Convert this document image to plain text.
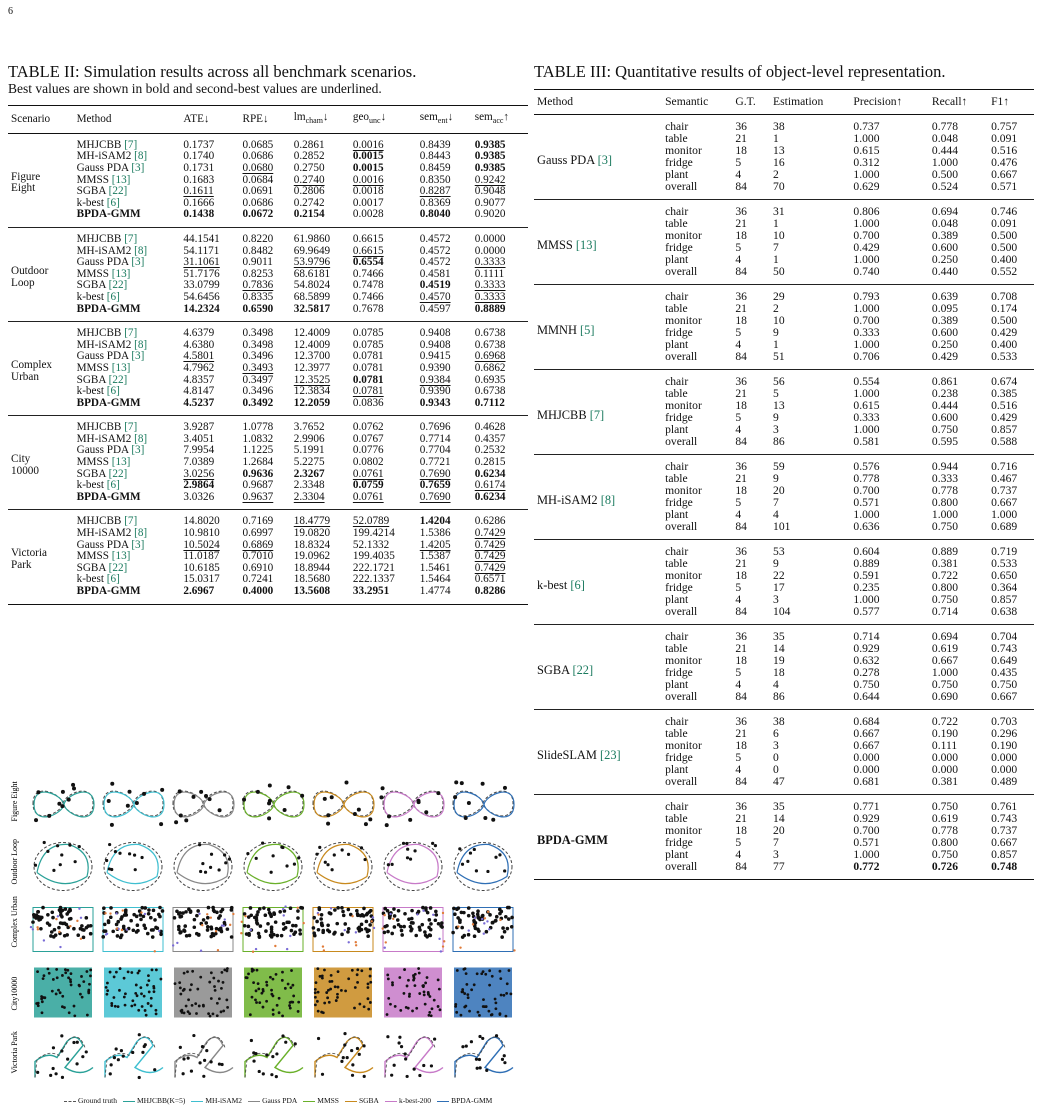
6
TABLE II: Simulation results across all benchmark scenarios.
Best values are shown in bold and second-best values are underlined.
Scenario	Method	ATE↓	RPE↓	$lm_{cham}↓$	geo$_{unc}$↓	sem$_{ent}$↓	sem$_{acc}$↑

Figure
Eight	MHJCBB [7]	0.1737	0.0685	0.2861	0.0016	0.8439	0.9385
	MH-iSAM2 [8]	0.1740	0.0686	0.2852	0.0015	0.8443	0.9385
	Gauss PDA [3]	0.1731	0.0680	0.2750	0.0015	0.8459	0.9385
	MMSS [13]	0.1683	0.0684	0.2740	0.0016	0.8350	0.9242
	SGBA [22]	0.1611	0.0691	0.2806	0.0018	0.8287	0.9048
	k-best [6]	0.1666	0.0686	0.2742	0.0017	0.8369	0.9077
	BPDA-GMM	0.1438	0.0672	0.2154	0.0028	0.8040	0.9020

Outdoor
Loop	MHJCBB [7]	44.1541	0.8220	61.9860	0.6615	0.4572	0.0000
	MH-iSAM2 [8]	54.1171	0.8482	69.9649	0.6615	0.4572	0.0000
	Gauss PDA [3]	31.1061	0.9011	53.9796	0.6554	0.4572	0.3333
	MMSS [13]	51.7176	0.8253	68.6181	0.7466	0.4581	0.1111
	SGBA [22]	33.0799	0.7836	54.8024	0.7478	0.4519	0.3333
	k-best [6]	54.6456	0.8335	68.5899	0.7466	0.4570	0.3333
	BPDA-GMM	14.2324	0.6590	32.5817	0.7678	0.4597	0.8889

Complex
Urban	MHJCBB [7]	4.6379	0.3498	12.4009	0.0785	0.9408	0.6738
	MH-iSAM2 [8]	4.6380	0.3498	12.4009	0.0785	0.9408	0.6738
	Gauss PDA [3]	4.5801	0.3496	12.3700	0.0781	0.9415	0.6968
	MMSS [13]	4.7962	0.3493	12.3977	0.0781	0.9390	0.6862
	SGBA [22]	4.8357	0.3497	12.3525	0.0781	0.9384	0.6935
	k-best [6]	4.8147	0.3496	12.3834	0.0781	0.9390	0.6738
	BPDA-GMM	4.5237	0.3492	12.2059	0.0836	0.9343	0.7112

City
10000	MHJCBB [7]	3.9287	1.0778	3.7652	0.0762	0.7696	0.4628
	MH-iSAM2 [8]	3.4051	1.0832	2.9906	0.0767	0.7714	0.4357
	Gauss PDA [3]	7.9954	1.1225	5.1991	0.0776	0.7704	0.2532
	MMSS [13]	7.0389	1.2684	5.2275	0.0802	0.7721	0.2815
	SGBA [22]	3.0256	0.9636	2.3267	0.0761	0.7690	0.6234
	k-best [6]	2.9864	0.9687	2.3348	0.0759	0.7659	0.6174
	BPDA-GMM	3.0326	0.9637	2.3304	0.0761	0.7690	0.6234

Victoria
Park	MHJCBB [7]	14.8020	0.7169	18.4779	52.0789	1.4204	0.6286
	MH-iSAM2 [8]	10.9810	0.6997	19.0820	199.4214	1.5386	0.7429
	Gauss PDA [3]	10.5024	0.6869	18.8324	52.1332	1.4205	0.7429
	MMSS [13]	11.0187	0.7010	19.0962	199.4035	1.5387	0.7429
	SGBA [22]	10.6185	0.6910	18.8944	222.1721	1.5461	0.7429
	k-best [6]	15.0317	0.7241	18.5680	222.1337	1.5464	0.6571
	BPDA-GMM	2.6967	0.4000	13.5608	33.2951	1.4774	0.8286
TABLE III: Quantitative results of object-level representation.
Method	Semantic	G.T.	Estimation	Precision↑	Recall↑	F1↑
Gauss PDA [3]	chair	36	38	0.737	0.778	0.757
	table	21	1	1.000	0.048	0.091
	monitor	18	13	0.615	0.444	0.516
	fridge	5	16	0.312	1.000	0.476
	plant	4	2	1.000	0.500	0.667
	overall	84	70	0.629	0.524	0.571
MMSS [13]	chair	36	31	0.806	0.694	0.746
	table	21	1	1.000	0.048	0.091
	monitor	18	10	0.700	0.389	0.500
	fridge	5	7	0.429	0.600	0.500
	plant	4	1	1.000	0.250	0.400
	overall	84	50	0.740	0.440	0.552
MMNH [5]	chair	36	29	0.793	0.639	0.708
	table	21	2	1.000	0.095	0.174
	monitor	18	10	0.700	0.389	0.500
	fridge	5	9	0.333	0.600	0.429
	plant	4	1	1.000	0.250	0.400
	overall	84	51	0.706	0.429	0.533
MHJCBB [7]	chair	36	56	0.554	0.861	0.674
	table	21	5	1.000	0.238	0.385
	monitor	18	13	0.615	0.444	0.516
	fridge	5	9	0.333	0.600	0.429
	plant	4	3	1.000	0.750	0.857
	overall	84	86	0.581	0.595	0.588
MH-iSAM2 [8]	chair	36	59	0.576	0.944	0.716
	table	21	9	0.778	0.333	0.467
	monitor	18	20	0.700	0.778	0.737
	fridge	5	7	0.571	0.800	0.667
	plant	4	4	1.000	1.000	1.000
	overall	84	101	0.636	0.750	0.689
k-best [6]	chair	36	53	0.604	0.889	0.719
	table	21	9	0.889	0.381	0.533
	monitor	18	22	0.591	0.722	0.650
	fridge	5	17	0.235	0.800	0.364
	plant	4	3	1.000	0.750	0.857
	overall	84	104	0.577	0.714	0.638
SGBA [22]	chair	36	35	0.714	0.694	0.704
	table	21	14	0.929	0.619	0.743
	monitor	18	19	0.632	0.667	0.649
	fridge	5	18	0.278	1.000	0.435
	plant	4	4	0.750	0.750	0.750
	overall	84	86	0.644	0.690	0.667
SlideSLAM [23]	chair	36	38	0.684	0.722	0.703
	table	21	6	0.667	0.190	0.296
	monitor	18	3	0.667	0.111	0.190
	fridge	5	0	0.000	0.000	0.000
	plant	4	0	0.000	0.000	0.000
	overall	84	47	0.681	0.381	0.489
BPDA-GMM	chair	36	35	0.771	0.750	0.761
	table	21	14	0.929	0.619	0.743
	monitor	18	20	0.700	0.778	0.737
	fridge	5	7	0.571	0.800	0.667
	plant	4	3	1.000	0.750	0.857
	overall	84	77	0.772	0.726	0.748
Figure Eight
Outdoor Loop
Complex Urban
City10000
Victoria Park
Ground truth	MHJCBB(K=5)	MH-iSAM2	Gauss PDA	MMSS	SGBA	k-best-200	BPDA-GMM
